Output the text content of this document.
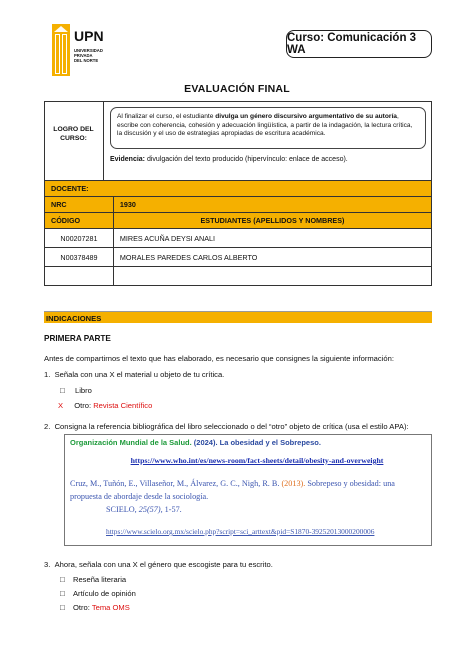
UPN
UNIVERSIDAD
PRIVADA
DEL NORTE
Curso: Comunicación 3 WA
EVALUACIÓN FINAL
LOGRO DEL
CURSO:
Al finalizar el curso, el estudiante divulga un género discursivo argumentativo de su autoría, escribe con coherencia, cohesión y adecuación lingüística, a partir de la indagación, la lectura crítica, la discusión y el uso de estrategias apropiadas de escritura académica.
Evidencia: divulgación del texto producido (hipervínculo: enlace de acceso).
DOCENTE:	
NRC	1930
CÓDIGO	ESTUDIANTES (APELLIDOS Y NOMBRES)
N00207281	MIRES ACUÑA DEYSI ANALI
N00378489	MORALES PAREDES CARLOS ALBERTO

INDICACIONES
PRIMERA PARTE
Antes de compartirnos el texto que has elaborado, es necesario que consignes la siguiente información:
1. Señala con una X el material u objeto de tu crítica.
□ Libro
X Otro: Revista Científico
2. Consigna la referencia bibliográfica del libro seleccionado o del “otro” objeto de crítica (usa el estilo APA):
Organización Mundial de la Salud. (2024). La obesidad y el Sobrepeso.
https://www.who.int/es/news-room/fact-sheets/detail/obesity-and-overweight
Cruz, M., Tuñón, E., Villaseñor, M., Álvarez, G. C., Nigh, R. B. (2013). Sobrepeso y obesidad: una propuesta de abordaje desde la sociología.
SCIELO, 25(57), 1-57.
https://www.scielo.org.mx/scielo.php?script=sci_arttext&pid=S1870-39252013000200006
3. Ahora, señala con una X el género que escogiste para tu escrito.
□ Reseña literaria
□ Artículo de opinión
□ Otro: Tema OMS
